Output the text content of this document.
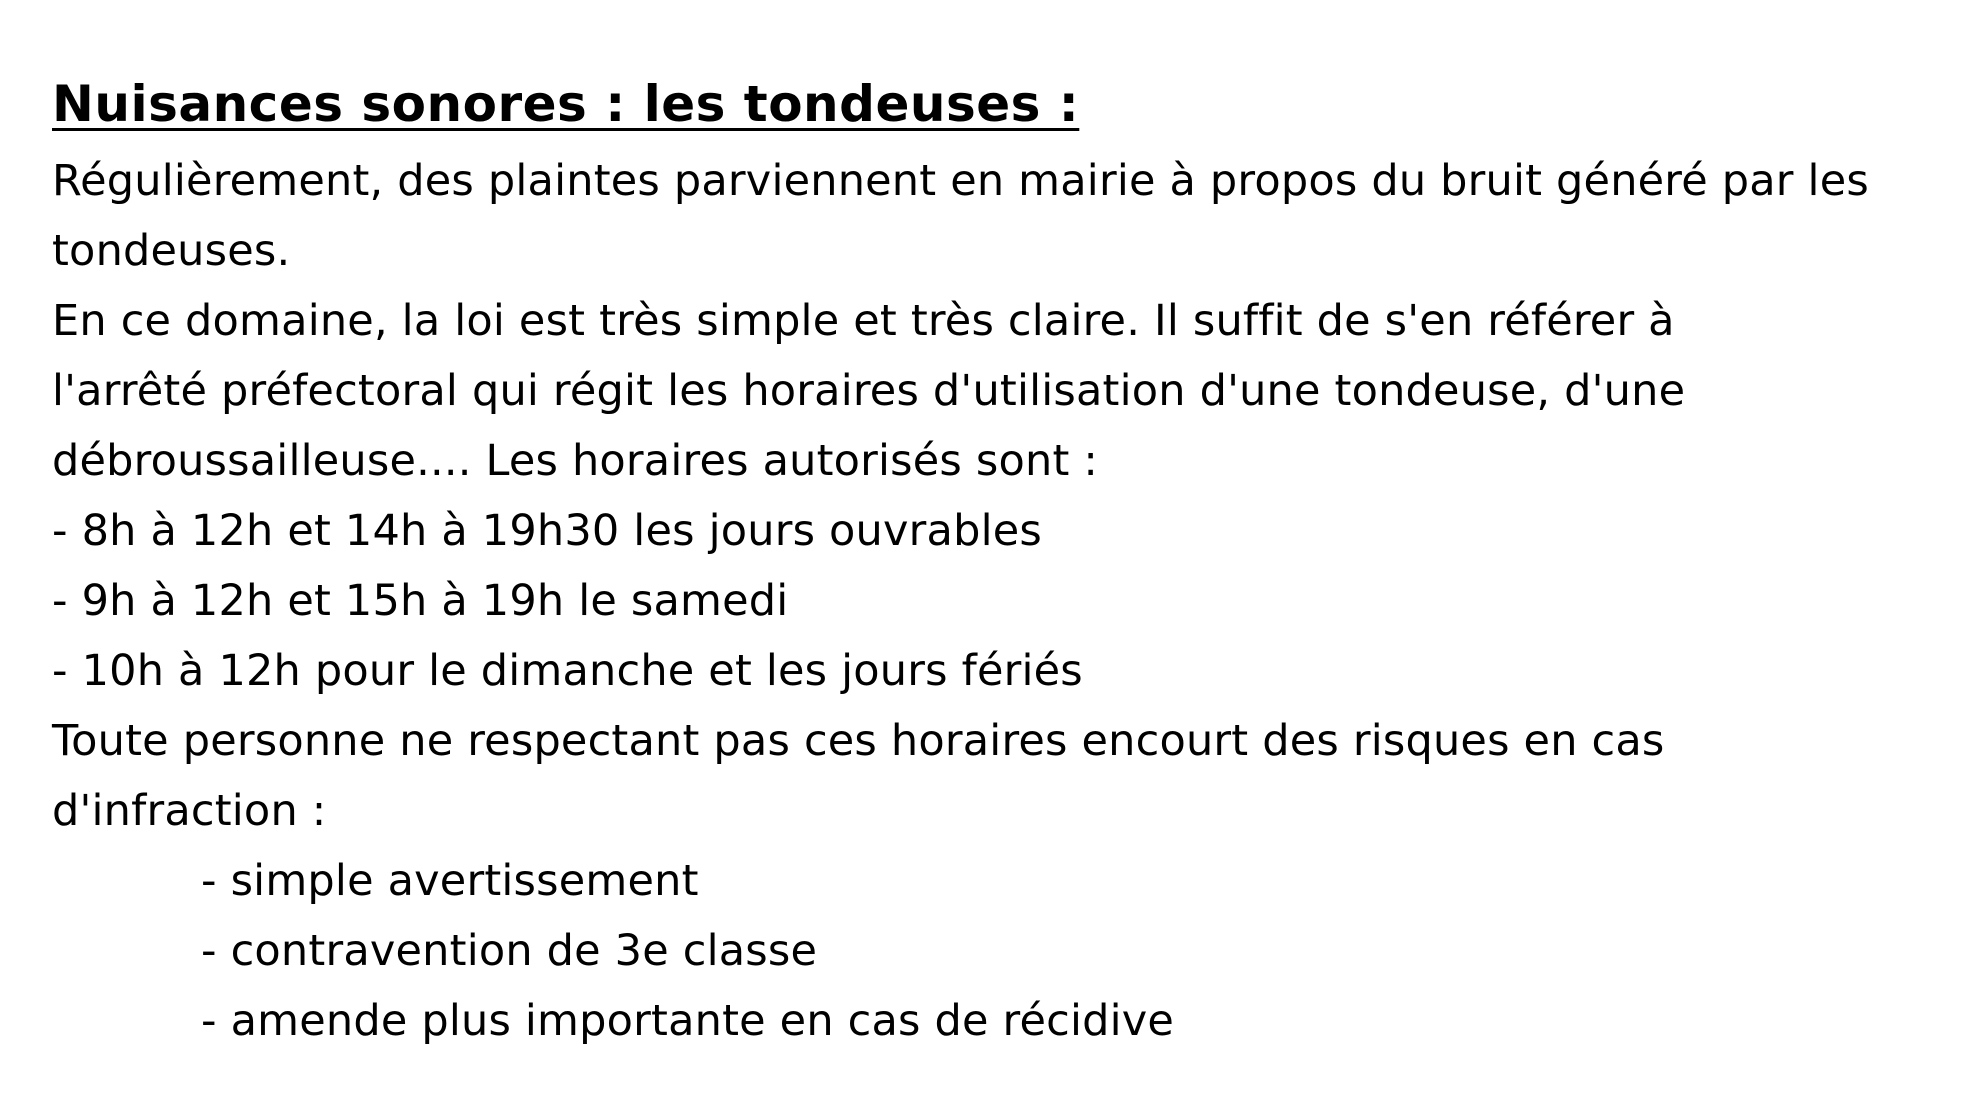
Nuisances sonores : les tondeuses :
Régulièrement, des plaintes parviennent en mairie à propos du bruit généré par les
tondeuses.
En ce domaine, la loi est très simple et très claire. Il suffit de s'en référer à
l'arrêté préfectoral qui régit les horaires d'utilisation d'une tondeuse, d'une
débroussailleuse.... Les horaires autorisés sont :
- 8h à 12h et 14h à 19h30 les jours ouvrables
- 9h à 12h et 15h à 19h le samedi
- 10h à 12h pour le dimanche et les jours fériés
Toute personne ne respectant pas ces horaires encourt des risques en cas
d'infraction :
- simple avertissement
- contravention de 3e classe
- amende plus importante en cas de récidive
